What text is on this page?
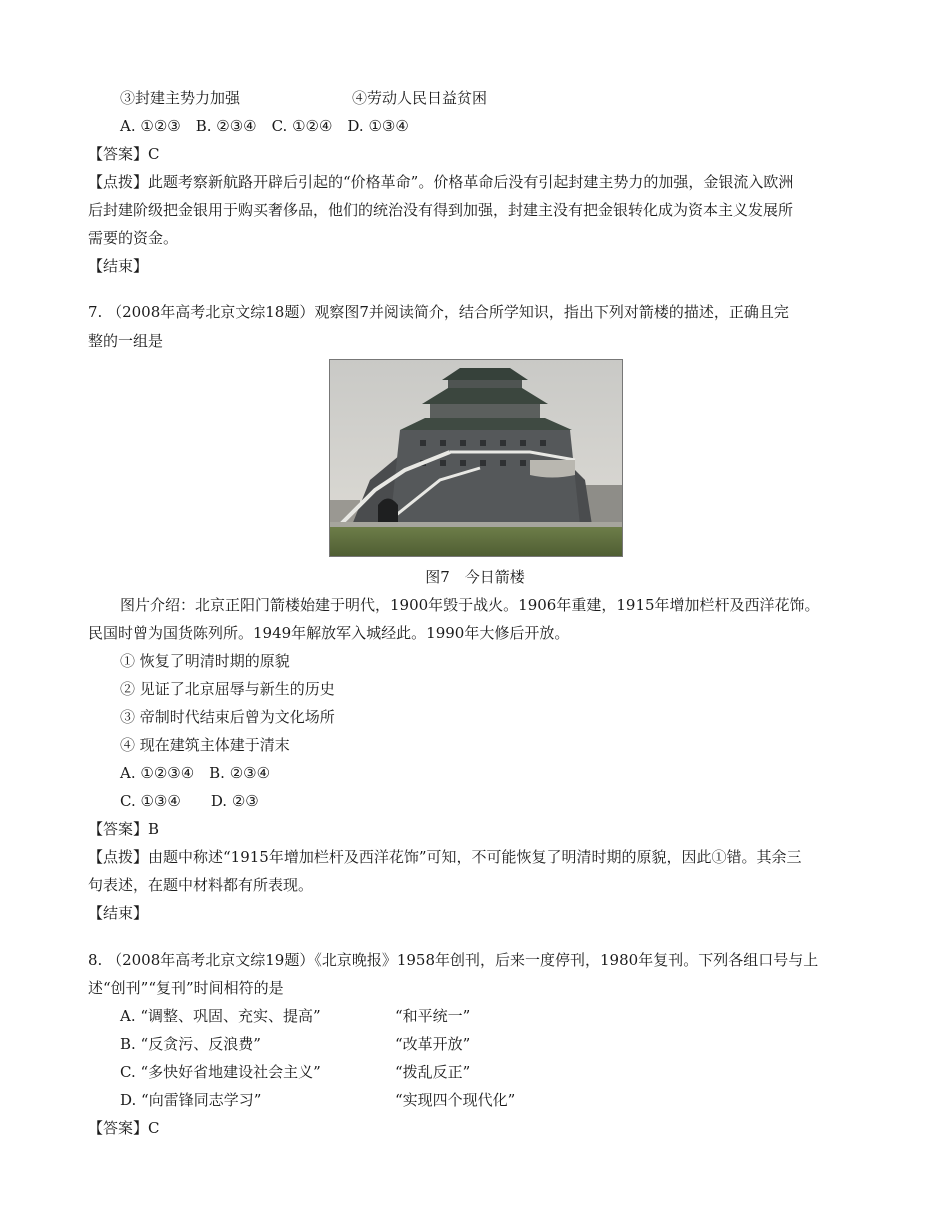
③封建主势力加强	④劳动人民日益贫困
A. ①②③　B. ②③④　C. ①②④　D. ①③④
【答案】C
【点拨】此题考察新航路开辟后引起的“价格革命”。价格革命后没有引起封建主势力的加强，金银流入欧洲
后封建阶级把金银用于购买奢侈品，他们的统治没有得到加强，封建主没有把金银转化成为资本主义发展所
需要的资金。
【结束】
7. （2008年高考北京文综18题）观察图7并阅读简介，结合所学知识，指出下列对箭楼的描述，正确且完
整的一组是
图7　今日箭楼
图片介绍：北京正阳门箭楼始建于明代，1900年毁于战火。1906年重建，1915年增加栏杆及西洋花饰。
民国时曾为国货陈列所。1949年解放军入城经此。1990年大修后开放。
① 恢复了明清时期的原貌
② 见证了北京屈辱与新生的历史
③ 帝制时代结束后曾为文化场所
④ 现在建筑主体建于清末
A. ①②③④　B. ②③④
C. ①③④　　D. ②③
【答案】B
【点拨】由题中称述“1915年增加栏杆及西洋花饰”可知，不可能恢复了明清时期的原貌，因此①错。其余三
句表述，在题中材料都有所表现。
【结束】
8. （2008年高考北京文综19题）《北京晚报》1958年创刊，后来一度停刊，1980年复刊。下列各组口号与上
述“创刊”“复刊”时间相符的是
A. “调整、巩固、充实、提高”	“和平统一”
B. “反贪污、反浪费”	“改革开放”
C. “多快好省地建设社会主义”	“拨乱反正”
D. “向雷锋同志学习”	“实现四个现代化”
【答案】C
